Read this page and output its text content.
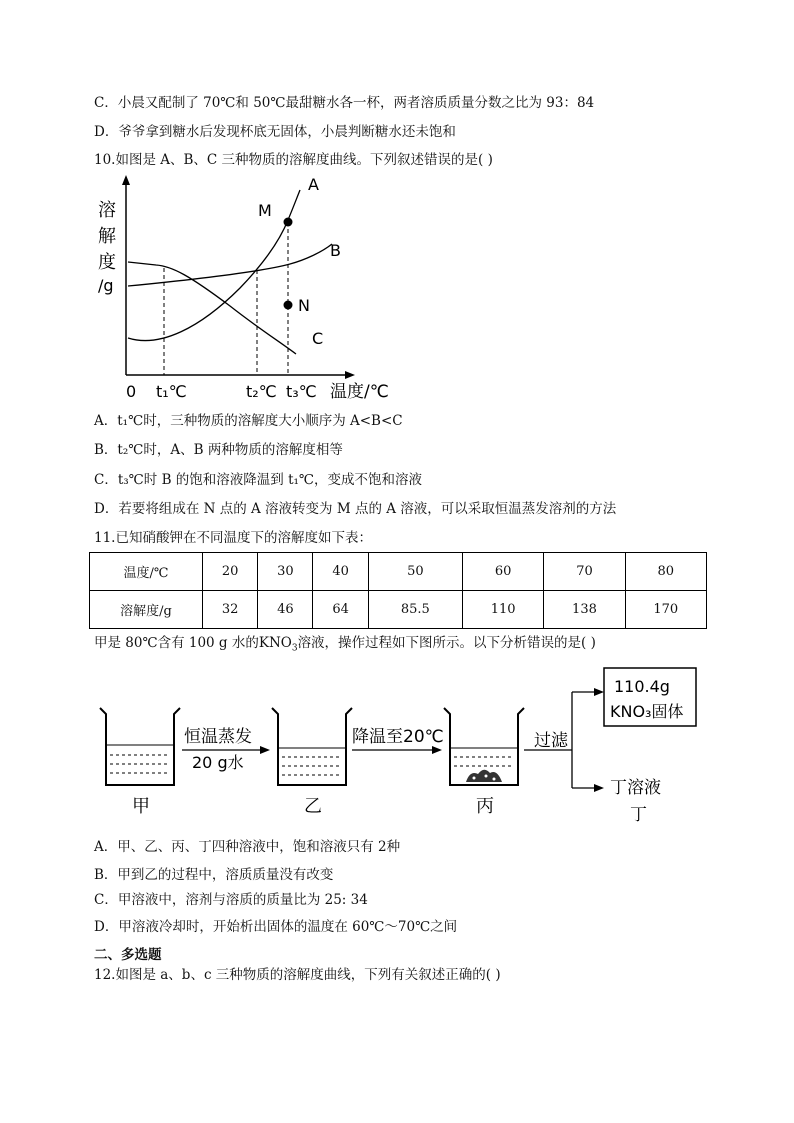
C．小晨又配制了 70℃和 50℃最甜糖水各一杯，两者溶质质量分数之比为 93：84
D．爷爷拿到糖水后发现杯底无固体，小晨判断糖水还未饱和
10.如图是 A、B、C 三种物质的溶解度曲线。下列叙述错误的是( )
溶
解
度
/g
A
B
C
M
N
0 t₁℃	t₂℃ t₃℃ 温度/℃
A．t₁℃时，三种物质的溶解度大小顺序为 A<B<C
B．t₂℃时，A、B 两种物质的溶解度相等
C．t₃℃时 B 的饱和溶液降温到 t₁℃，变成不饱和溶液
D．若要将组成在 N 点的 A 溶液转变为 M 点的 A 溶液，可以采取恒温蒸发溶剂的方法
11.已知硝酸钾在不同温度下的溶解度如下表：
温度/℃	20	30	40	50	60	70	80
溶解度/g	32	46	64	85.5	110	138	170
甲是 80℃含有 100 g 水的$KNO_3$溶液，操作过程如下图所示。以下分析错误的是( )
110.4g
KNO₃固体
恒温蒸发
20 g水
降温至20℃	过滤
丁溶液
丁
甲	乙	丙
A．甲、乙、丙、丁四种溶液中，饱和溶液只有 2种
B．甲到乙的过程中，溶质质量没有改变
C．甲溶液中，溶剂与溶质的质量比为 25: 34
D．甲溶液冷却时，开始析出固体的温度在 60℃～70℃之间
二、多选题
12.如图是 a、b、c 三种物质的溶解度曲线，下列有关叙述正确的( )
